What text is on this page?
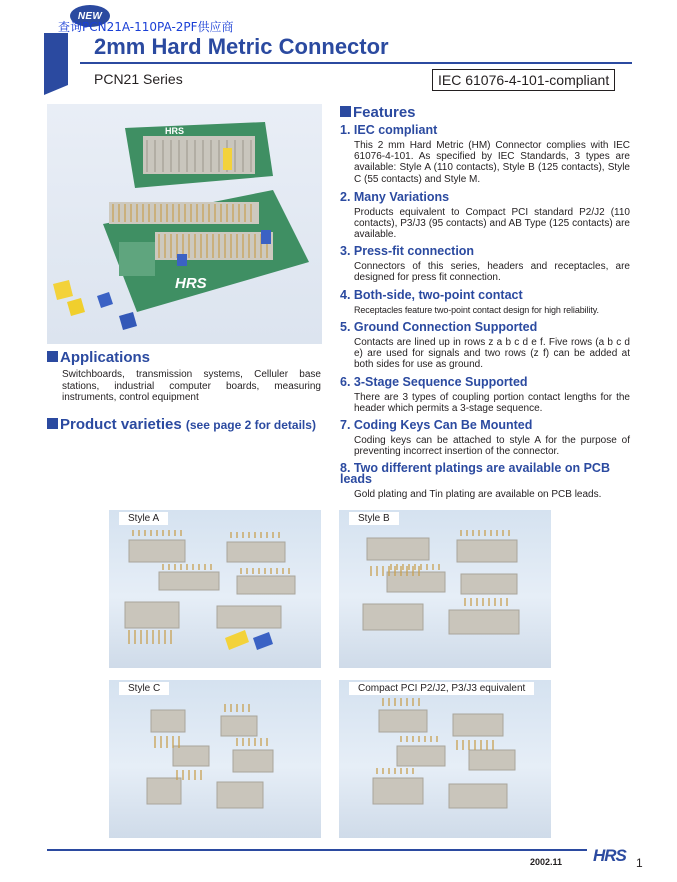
NEW
查询PCN21A-110PA-2PF供应商
2mm Hard Metric Connector
PCN21 Series	IEC 61076-4-101-compliant
HRS
HRS
Applications

Switchboards, transmission systems, Celluler base stations, industrial computer boards, measuring instruments, control equipment

Product varieties (see page 2 for details)
Features
1. IEC compliant

This 2 mm Hard Metric (HM) Connector complies with IEC 61076-4-101. As specified by IEC Standards, 3 types are available: Style A (110 contacts), Style B (125 contacts), Style C (55 contacts) and Style M.

2. Many Variations

Products equivalent to Compact PCI standard P2/J2 (110 contacts), P3/J3 (95 contacts) and AB Type (125 contacts) are available.

3. Press-fit connection

Connectors of this series, headers and receptacles, are designed for press fit connection.

4. Both-side, two-point contact

Receptacles feature two-point contact design for high reliability.

5. Ground Connection Supported

Contacts are lined up in rows z a b c d e f. Five rows (a b c d e) are used for signals and two rows (z f) can be added at both sides for use as ground.

6. 3-Stage Sequence Supported

There are 3 types of coupling portion contact lengths for the header which permits a 3-stage sequence.

7. Coding Keys Can Be Mounted

Coding keys can be attached to style A for the purpose of preventing incorrect insertion of the connector.

8. Two different platings are available on PCB leads

Gold plating and Tin plating are available on PCB leads.

Style A	Style B
Style C	Compact PCI P2/J2, P3/J3 equivalent
2002.11 HRS 1
